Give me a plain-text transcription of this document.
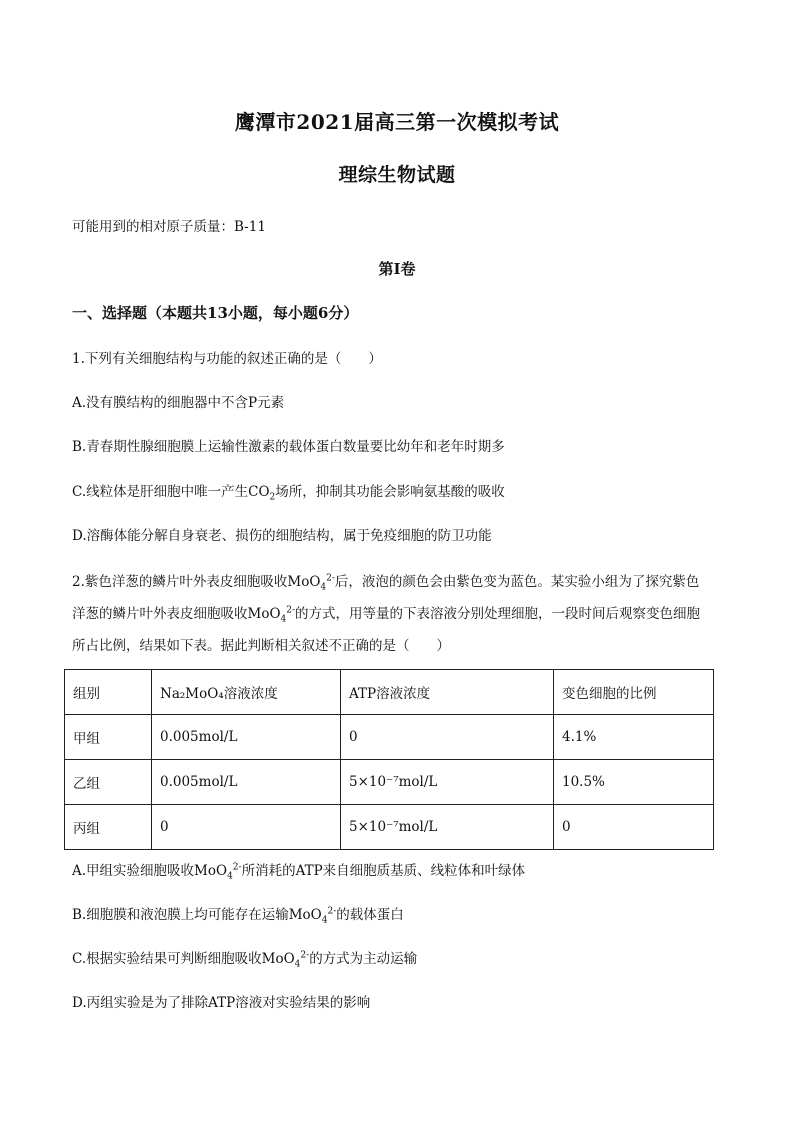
鹰潭市2021届高三第一次模拟考试
理综生物试题
可能用到的相对原子质量：B-11
第Ⅰ卷
一、选择题（本题共13小题，每小题6分）
1.下列有关细胞结构与功能的叙述正确的是（　　）
A.没有膜结构的细胞器中不含P元素
B.青春期性腺细胞膜上运输性激素的载体蛋白数量要比幼年和老年时期多
C.线粒体是肝细胞中唯一产生$CO_2$场所，抑制其功能会影响氨基酸的吸收
D.溶酶体能分解自身衰老、损伤的细胞结构，属于免疫细胞的防卫功能
2.紫色洋葱的鳞片叶外表皮细胞吸收MoO$_4^{2-}$后，液泡的颜色会由紫色变为蓝色。某实验小组为了探究紫色
洋葱的鳞片叶外表皮细胞吸收MoO$_4^{2-}$的方式，用等量的下表溶液分别处理细胞，一段时间后观察变色细胞
所占比例，结果如下表。据此判断相关叙述不正确的是（　　）
组别	Na₂MoO₄溶液浓度	ATP溶液浓度	变色细胞的比例
甲组	0.005mol/L	0	4.1%
乙组	0.005mol/L	5×10⁻⁷mol/L	10.5%
丙组	0	5×10⁻⁷mol/L	0
A.甲组实验细胞吸收MoO$_4^{2-}$所消耗的ATP来自细胞质基质、线粒体和叶绿体
B.细胞膜和液泡膜上均可能存在运输MoO$_4^{2-}$的载体蛋白
C.根据实验结果可判断细胞吸收MoO$_4^{2-}$的方式为主动运输
D.丙组实验是为了排除ATP溶液对实验结果的影响
